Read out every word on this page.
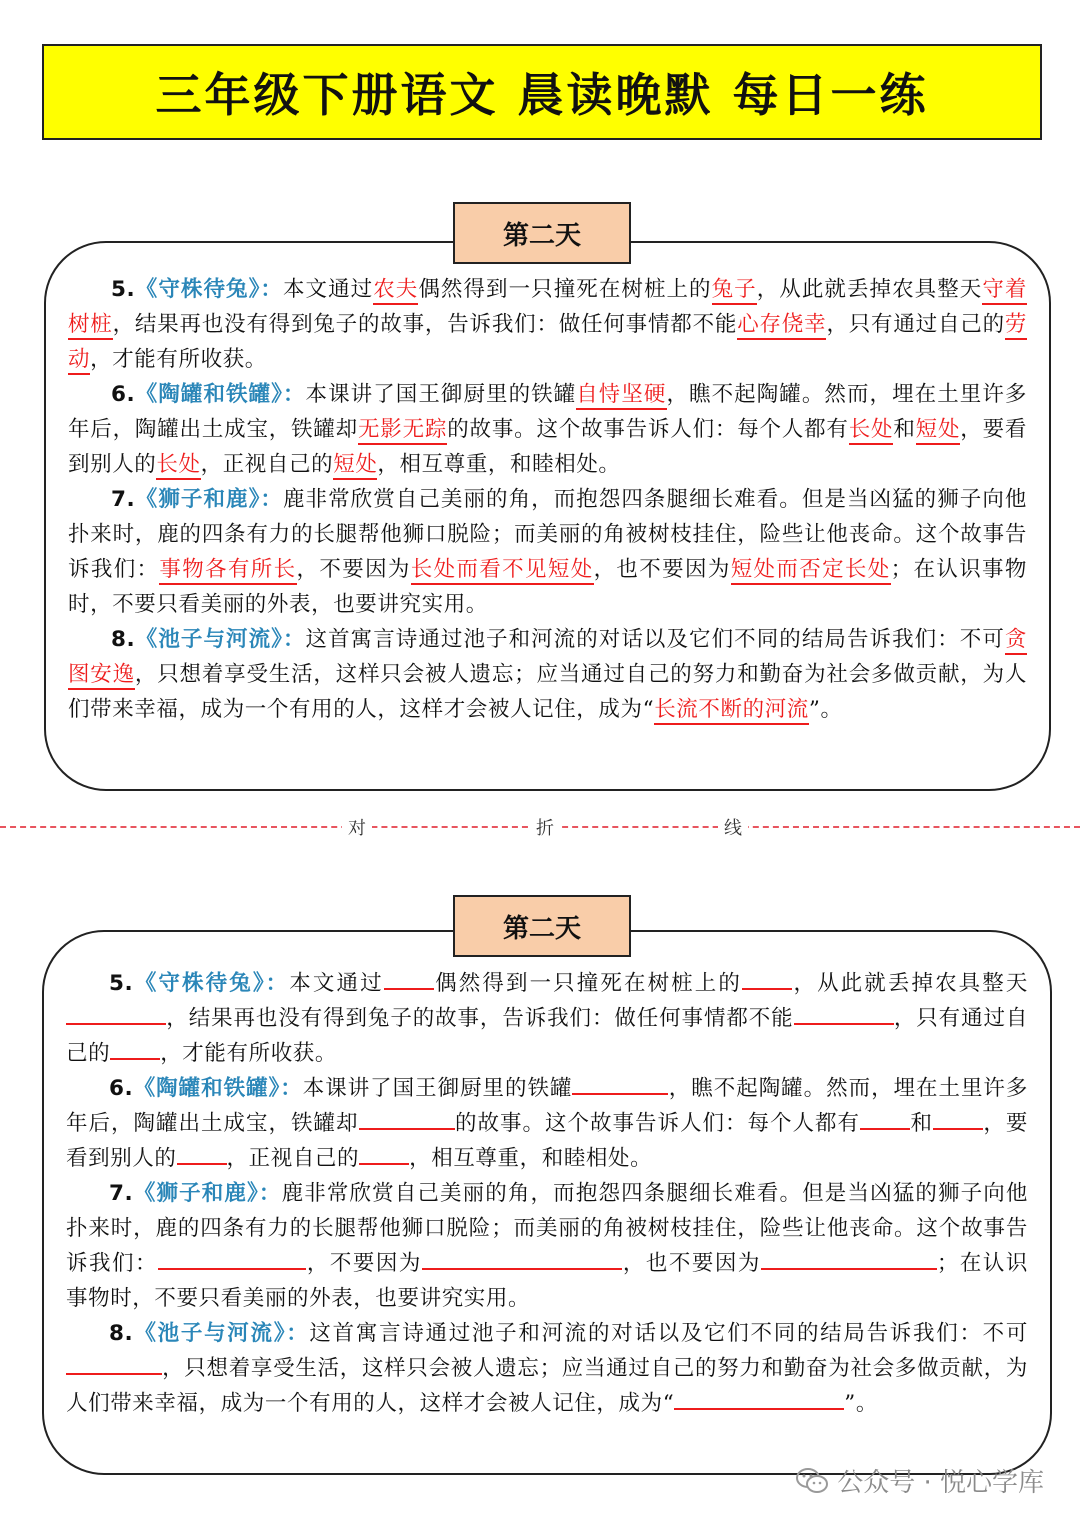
三年级下册语文 晨读晚默 每日一练
第二天

5.《守株待兔》：本文通过农夫偶然得到一只撞死在树桩上的兔子，从此就丢掉农具整天守着树桩，结果再也没有得到兔子的故事，告诉我们：做任何事情都不能心存侥幸，只有通过自己的劳动，才能有所收获。

6.《陶罐和铁罐》：本课讲了国王御厨里的铁罐自恃坚硬，瞧不起陶罐。然而，埋在土里许多年后，陶罐出土成宝，铁罐却无影无踪的故事。这个故事告诉人们：每个人都有长处和短处，要看到别人的长处，正视自己的短处，相互尊重，和睦相处。

7.《狮子和鹿》：鹿非常欣赏自己美丽的角，而抱怨四条腿细长难看。但是当凶猛的狮子向他扑来时，鹿的四条有力的长腿帮他狮口脱险；而美丽的角被树枝挂住，险些让他丧命。这个故事告诉我们：事物各有所长，不要因为长处而看不见短处，也不要因为短处而否定长处；在认识事物时，不要只看美丽的外表，也要讲究实用。

8.《池子与河流》：这首寓言诗通过池子和河流的对话以及它们不同的结局告诉我们：不可贪图安逸，只想着享受生活，这样只会被人遗忘；应当通过自己的努力和勤奋为社会多做贡献，为人们带来幸福，成为一个有用的人，这样才会被人记住，成为“长流不断的河流”。

对	折	线
第二天

5.《守株待兔》：本文通过 偶然得到一只撞死在树桩上的 ，从此就丢掉农具整天，结果再也没有得到兔子的故事，告诉我们：做任何事情都不能	，只有通过自己的 ，才能有所收获。

6.《陶罐和铁罐》：本课讲了国王御厨里的铁罐	，瞧不起陶罐。然而，埋在土里许多年后，陶罐出土成宝，铁罐却	的故事。这个故事告诉人们：每个人都有 和 ，要看到别人的 ，正视自己的 ，相互尊重，和睦相处。

7.《狮子和鹿》：鹿非常欣赏自己美丽的角，而抱怨四条腿细长难看。但是当凶猛的狮子向他扑来时，鹿的四条有力的长腿帮他狮口脱险；而美丽的角被树枝挂住，险些让他丧命。这个故事告诉我们：	，不要因为	，也不要因为	；在认识事物时，不要只看美丽的外表，也要讲究实用。

8.《池子与河流》：这首寓言诗通过池子和河流的对话以及它们不同的结局告诉我们：不可，只想着享受生活，这样只会被人遗忘；应当通过自己的努力和勤奋为社会多做贡献，为人们带来幸福，成为一个有用的人，这样才会被人记住，成为“	”。

公众号 · 悦心学库
